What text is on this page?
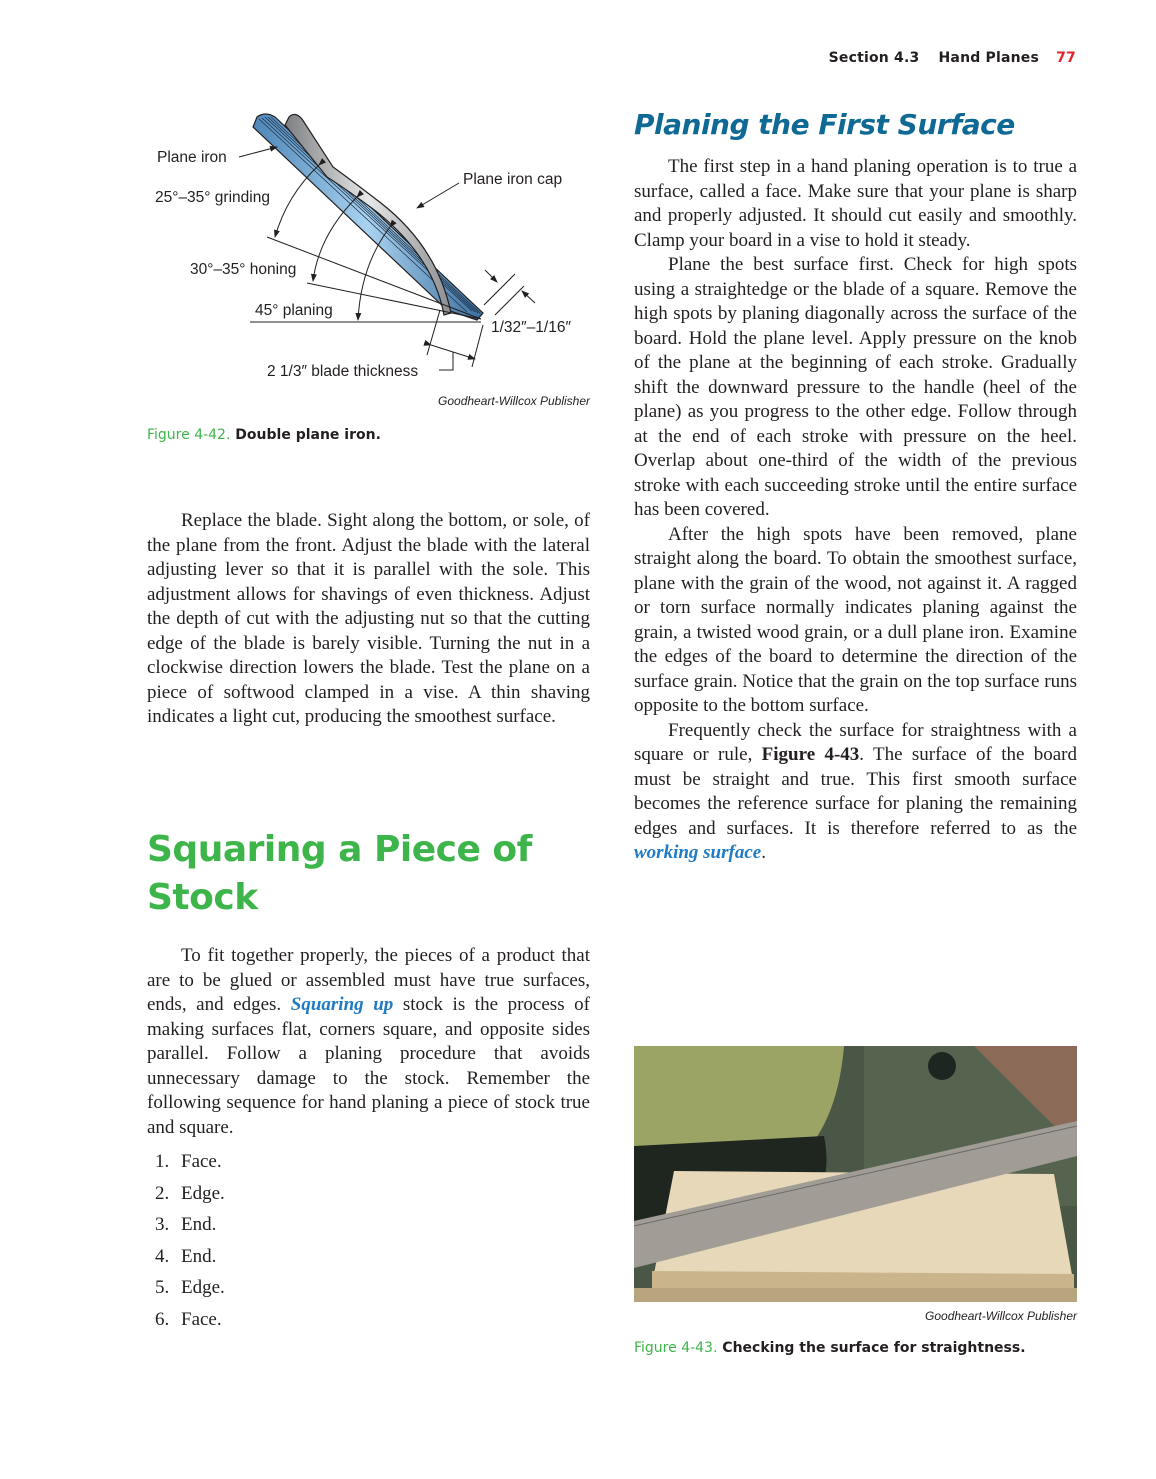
Section 4.3 Hand Planes 77
Plane iron
Plane iron cap
25°–35° grinding
30°–35° honing
45° planing
1/32″–1/16″
2 1/3″ blade thickness
Goodheart-Willcox Publisher
Figure 4-42. Double plane iron.

Replace the blade. Sight along the bottom, or sole, of the plane from the front. Adjust the blade with the lateral adjusting lever so that it is parallel with the sole. This adjustment allows for shavings of even thickness. Adjust the depth of cut with the adjusting nut so that the cutting edge of the blade is barely visible. Turning the nut in a clockwise direction lowers the blade. Test the plane on a piece of softwood clamped in a vise. A thin shaving indicates a light cut, producing the smoothest surface.

Squaring a Piece of Stock

To fit together properly, the pieces of a product that are to be glued or assembled must have true surfaces, ends, and edges. Squaring up stock is the process of making surfaces flat, corners square, and opposite sides parallel. Follow a planing procedure that avoids unnecessary damage to the stock. Remember the following sequence for hand planing a piece of stock true and square.

1. Face.
2. Edge.
3. End.
4. End.
5. Edge.
6. Face.
Planing the First Surface

The first step in a hand planing operation is to true a surface, called a face. Make sure that your plane is sharp and properly adjusted. It should cut easily and smoothly. Clamp your board in a vise to hold it steady.

Plane the best surface first. Check for high spots using a straightedge or the blade of a square. Remove the high spots by planing diagonally across the surface of the board. Hold the plane level. Apply pressure on the knob of the plane at the beginning of each stroke. Gradually shift the downward pressure to the handle (heel of the plane) as you progress to the other edge. Follow through at the end of each stroke with pressure on the heel. Overlap about one-third of the width of the previous stroke with each succeeding stroke until the entire surface has been covered.

After the high spots have been removed, plane straight along the board. To obtain the smoothest surface, plane with the grain of the wood, not against it. A ragged or torn surface normally indicates planing against the grain, a twisted wood grain, or a dull plane iron. Examine the edges of the board to determine the direction of the surface grain. Notice that the grain on the top surface runs opposite to the bottom surface.

Frequently check the surface for straightness with a square or rule, Figure 4-43. The surface of the board must be straight and true. This first smooth surface becomes the reference surface for planing the remaining edges and surfaces. It is therefore referred to as the working surface.

Goodheart-Willcox Publisher
Figure 4-43. Checking the surface for straightness.
